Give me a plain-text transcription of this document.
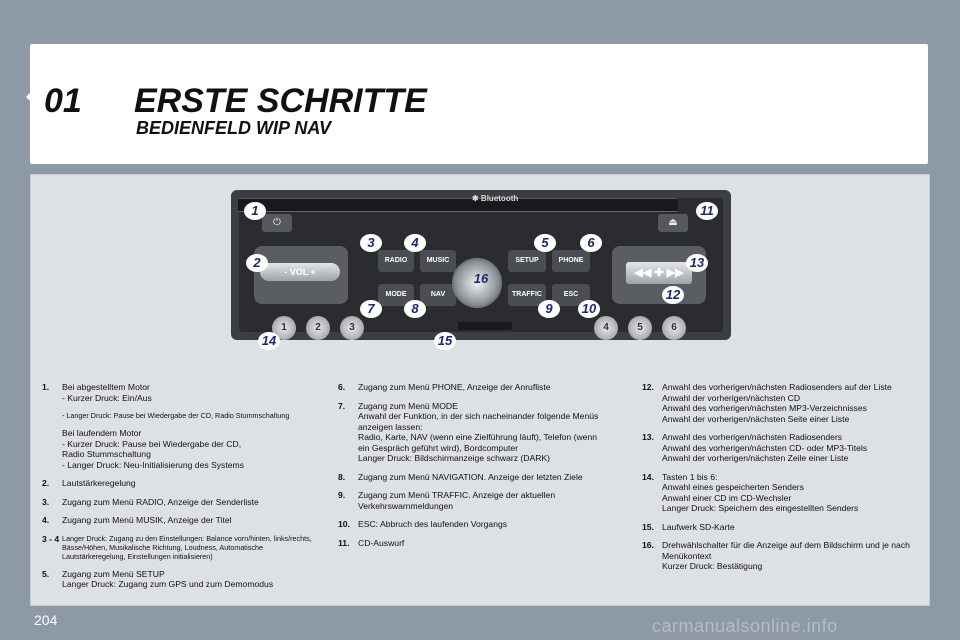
01 ERSTE SCHRITTE
BEDIENFELD WIP NAV
✱ Bluetooth
⏻	⏏
- VOL +	◀◀ ✚ ▶▶
RADIO	MUSIC	SETUP	PHONE
MODE	NAV	TRAFFIC	ESC
1	2	3	4	5	6
1
2
3	4	5	6
7	8	9	10
11
12
13
14	15
16
1.	Bei abgestelltem Motor
- Kurzer Druck: Ein/Aus
- Langer Druck: Pause bei Wiedergabe der CD, Radio Stummschaltung
Bei laufendem Motor
- Kurzer Druck: Pause bei Wiedergabe der CD,
Radio Stummschaltung
- Langer Druck: Neu-Initialisierung des Systems
2.	Lautstärkeregelung
3.	Zugang zum Menü RADIO, Anzeige der Senderliste
4.	Zugang zum Menü MUSIK, Anzeige der Titel
3 - 4 Langer Druck: Zugang zu den Einstellungen: Balance vorn/hinten, links/rechts, Bässe/Höhen, Musikalische Richtung, Loudness, Automatische Lautstärkeregelung, Einstellungen initialisieren)
5.	Zugang zum Menü SETUP
Langer Druck: Zugang zum GPS und zum Demomodus
6.	Zugang zum Menü PHONE, Anzeige der Anrufliste
7.	Zugang zum Menü MODE
Anwahl der Funktion, in der sich nacheinander folgende Menüs anzeigen lassen:
Radio, Karte, NAV (wenn eine Zielführung läuft), Telefon (wenn ein Gespräch geführt wird), Bordcomputer
Langer Druck: Bildschirmanzeige schwarz (DARK)
8.	Zugang zum Menü NAVIGATION. Anzeige der letzten Ziele
9.	Zugang zum Menü TRAFFIC. Anzeige der aktuellen Verkehrswarnmeldungen
10. ESC: Abbruch des laufenden Vorgangs
11. CD-Auswurf
12. Anwahl des vorherigen/nächsten Radiosenders auf der Liste
Anwahl der vorherigen/nächsten CD
Anwahl des vorherigen/nächsten MP3-Verzeichnisses
Anwahl der vorherigen/nächsten Seite einer Liste
13. Anwahl des vorherigen/nächsten Radiosenders
Anwahl des vorherigen/nächsten CD- oder MP3-Titels
Anwahl der vorherigen/nächsten Zeile einer Liste
14. Tasten 1 bis 6:
Anwahl eines gespeicherten Senders
Anwahl einer CD im CD-Wechsler
Langer Druck: Speichern des eingestellten Senders
15. Laufwerk SD-Karte
16. Drehwählschalter für die Anzeige auf dem Bildschirm und je nach Menükontext
Kurzer Druck: Bestätigung
204	carmanualsonline.info
